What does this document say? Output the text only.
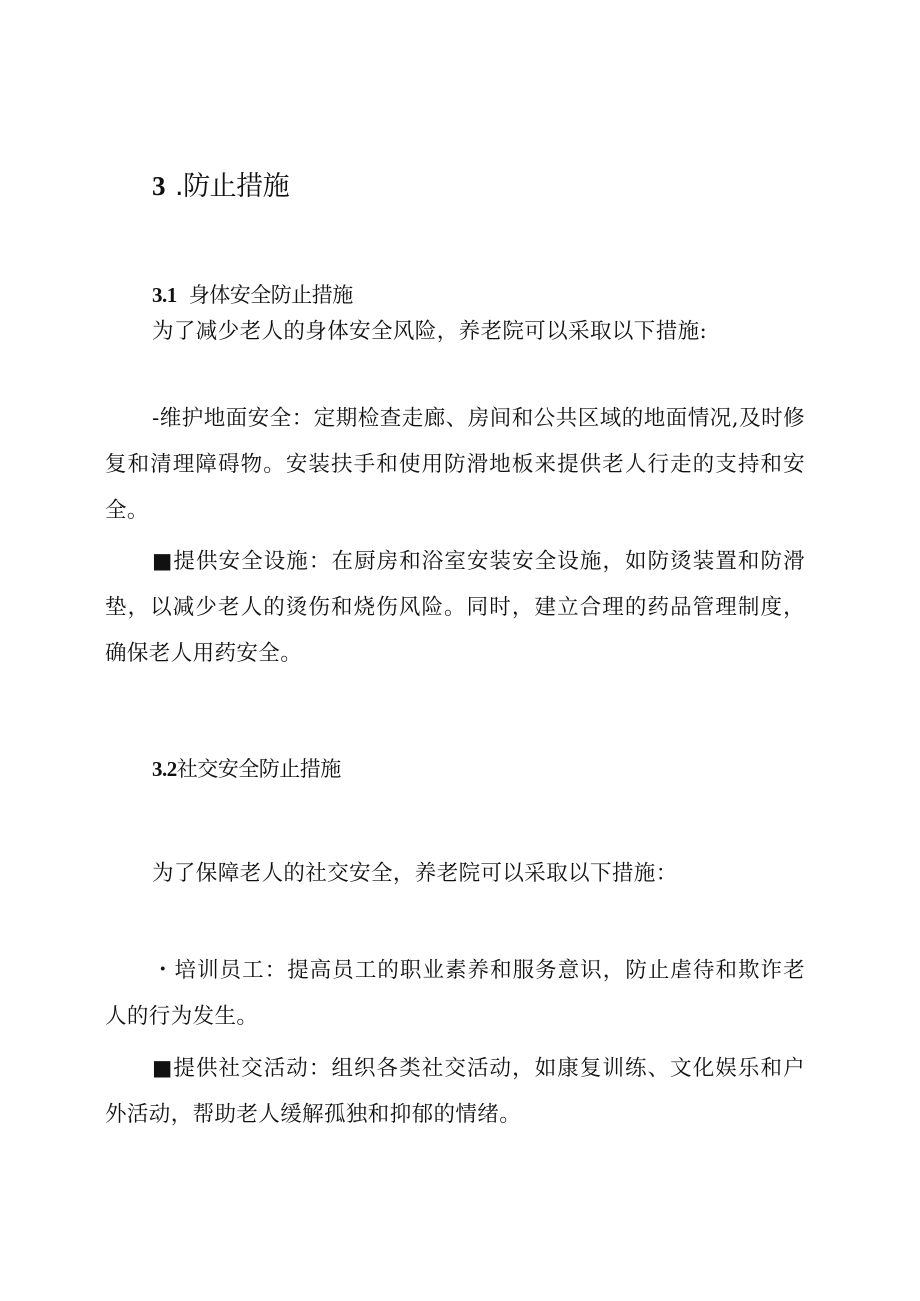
3 .防止措施
3.1 身体安全防止措施
为了减少老人的身体安全风险，养老院可以采取以下措施:
-维护地面安全：定期检查走廊、房间和公共区域的地面情况,及时修复和清理障碍物。安装扶手和使用防滑地板来提供老人行走的支持和安全。
■提供安全设施：在厨房和浴室安装安全设施，如防烫装置和防滑垫，以减少老人的烫伤和烧伤风险。同时，建立合理的药品管理制度，确保老人用药安全。
3.2社交安全防止措施
为了保障老人的社交安全，养老院可以采取以下措施：
・培训员工：提高员工的职业素养和服务意识，防止虐待和欺诈老人的行为发生。
■提供社交活动：组织各类社交活动，如康复训练、文化娱乐和户外活动，帮助老人缓解孤独和抑郁的情绪。
